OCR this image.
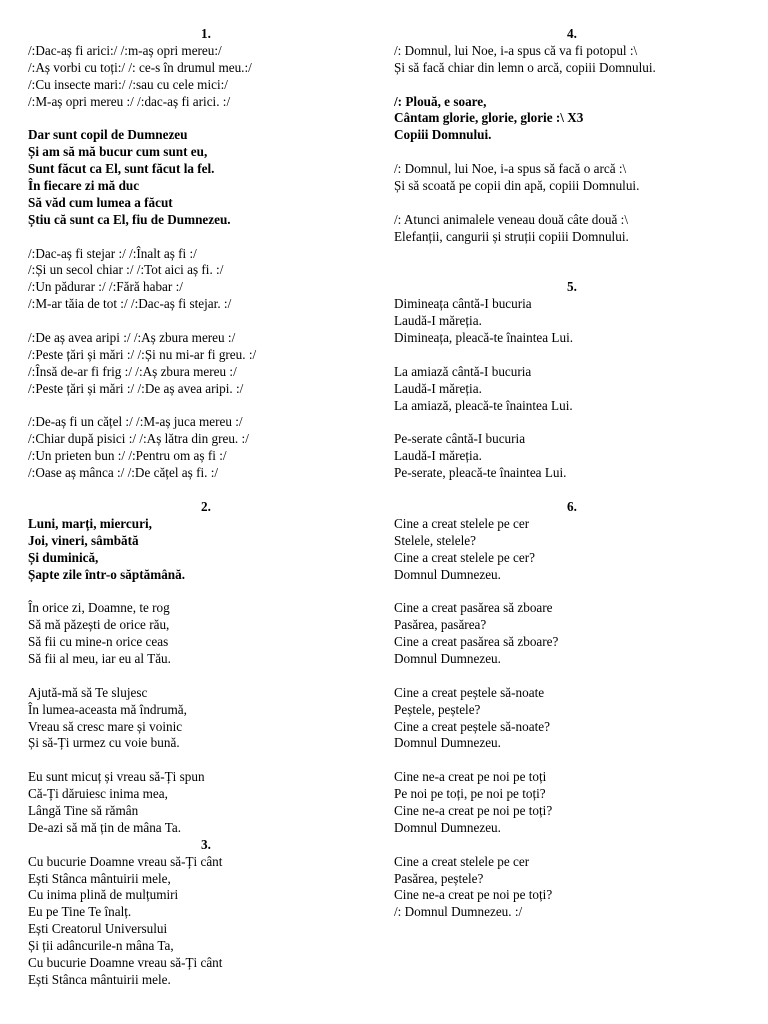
1.
/:Dac-aș fi arici:/ /:m-aș opri mereu:/
/:Aș vorbi cu toți:/ /: ce-s în drumul meu.:/
/:Cu insecte mari:/ /:sau cu cele mici:/
/:M-aș opri mereu :/ /:dac-aș fi arici. :/
Dar sunt copil de Dumnezeu
Și am să mă bucur cum sunt eu,
Sunt făcut ca El, sunt făcut la fel.
În fiecare zi mă duc
Să văd cum lumea a făcut
Știu că sunt ca El, fiu de Dumnezeu.
/:Dac-aș fi stejar :/ /:Înalt aș fi :/
/:Și un secol chiar :/ /:Tot aici aș fi. :/
/:Un pădurar :/ /:Fără habar :/
/:M-ar tăia de tot :/ /:Dac-aș fi stejar. :/
/:De aș avea aripi :/ /:Aș zbura mereu :/
/:Peste țări și mări :/ /:Și nu mi-ar fi greu. :/
/:Însă de-ar fi frig :/ /:Aș zbura mereu :/
/:Peste țări și mări :/ /:De aș avea aripi. :/
/:De-aș fi un cățel :/ /:M-aș juca mereu :/
/:Chiar după pisici :/ /:Aș lătra din greu. :/
/:Un prieten bun :/ /:Pentru om aș fi :/
/:Oase aș mânca :/ /:De cățel aș fi. :/
2.
Luni, marți, miercuri,
Joi, vineri, sâmbătă
Și duminică,
Șapte zile într-o săptămână.
În orice zi, Doamne, te rog
Să mă păzești de orice rău,
Să fii cu mine-n orice ceas
Să fii al meu, iar eu al Tău.
Ajută-mă să Te slujesc
În lumea-aceasta mă îndrumă,
Vreau să cresc mare și voinic
Și să-Ți urmez cu voie bună.
Eu sunt micuț și vreau să-Ți spun
Că-Ți dăruiesc inima mea,
Lângă Tine să rămân
De-azi să mă țin de mâna Ta.
3.
Cu bucurie Doamne vreau să-Ți cânt
Ești Stânca mântuirii mele,
Cu inima plină de mulțumiri
Eu pe Tine Te înalț.
Ești Creatorul Universului
Și ții adâncurile-n mâna Ta,
Cu bucurie Doamne vreau să-Ți cânt
Ești Stânca mântuirii mele.
4.
/: Domnul, lui Noe, i-a spus că va fi potopul :\
Și să facă chiar din lemn o arcă, copiii Domnului.
/: Plouă, e soare,
Cântam glorie, glorie, glorie :\ X3
Copiii Domnului.
/: Domnul, lui Noe, i-a spus să facă o arcă :\
Și să scoată pe copii din apă, copiii Domnului.
/: Atunci animalele veneau două câte două :\
Elefanții, cangurii și struții copiii Domnului.
5.
Dimineața cântă-I bucuria
Laudă-I măreția.
Dimineața, pleacă-te înaintea Lui.
La amiază cântă-I bucuria
Laudă-I măreția.
La amiază, pleacă-te înaintea Lui.
Pe-serate cântă-I bucuria
Laudă-I măreția.
Pe-serate, pleacă-te înaintea Lui.
6.
Cine a creat stelele pe cer
Stelele, stelele?
Cine a creat stelele pe cer?
Domnul Dumnezeu.
Cine a creat pasărea să zboare
Pasărea, pasărea?
Cine a creat pasărea să zboare?
Domnul Dumnezeu.
Cine a creat peștele să-noate
Peștele, peștele?
Cine a creat peștele să-noate?
Domnul Dumnezeu.
Cine ne-a creat pe noi pe toți
Pe noi pe toți, pe noi pe toți?
Cine ne-a creat pe noi pe toți?
Domnul Dumnezeu.
Cine a creat stelele pe cer
Pasărea, peștele?
Cine ne-a creat pe noi pe toți?
/: Domnul Dumnezeu. :/
